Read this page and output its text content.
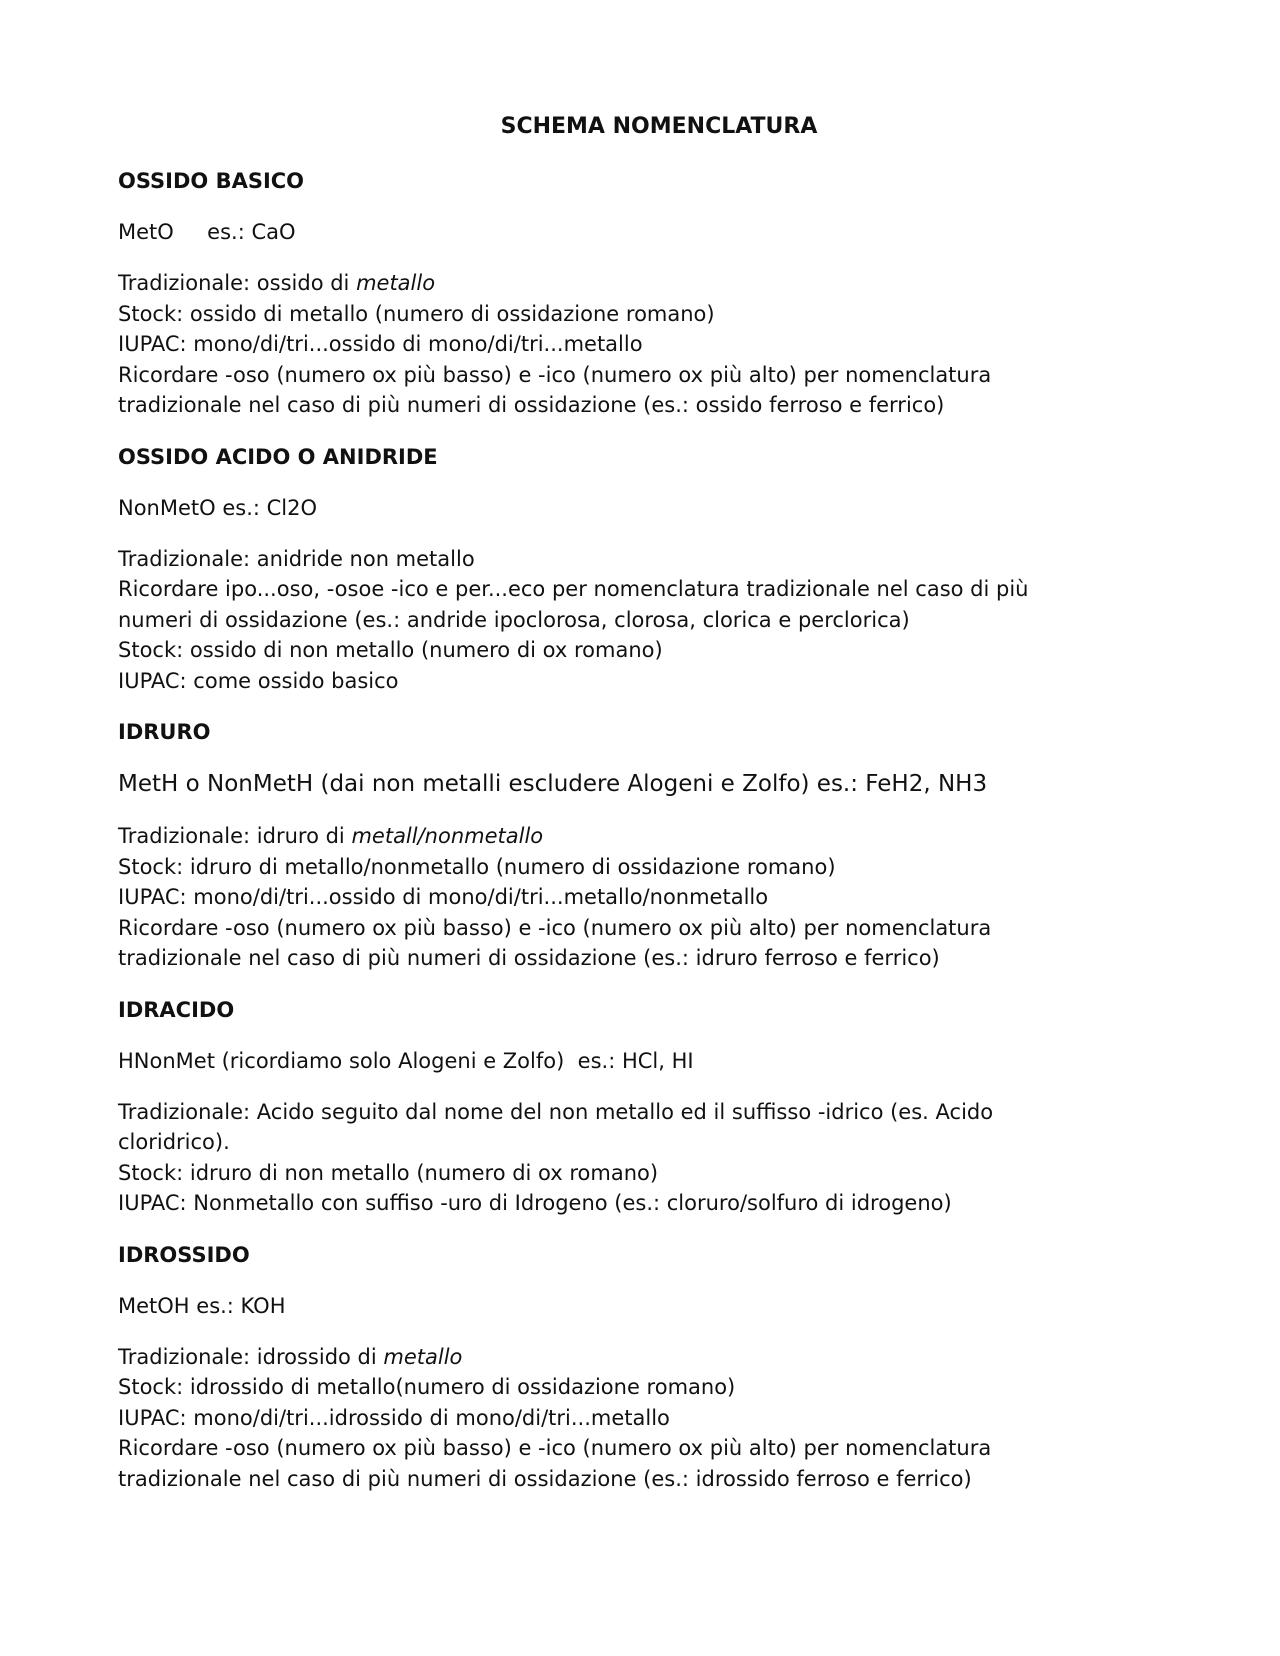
SCHEMA NOMENCLATURA
OSSIDO BASICO
MetO     es.: CaO
Tradizionale: ossido di metallo
Stock: ossido di metallo (numero di ossidazione romano)
IUPAC: mono/di/tri...ossido di mono/di/tri...metallo
Ricordare -oso (numero ox più basso) e -ico (numero ox più alto) per nomenclatura
tradizionale nel caso di più numeri di ossidazione (es.: ossido ferroso e ferrico)
OSSIDO ACIDO O ANIDRIDE
NonMetO es.: Cl2O
Tradizionale: anidride non metallo
Ricordare ipo...oso, -osoe -ico e per...eco per nomenclatura tradizionale nel caso di più
numeri di ossidazione (es.: andride ipoclorosa, clorosa, clorica e perclorica)
Stock: ossido di non metallo (numero di ox romano)
IUPAC: come ossido basico
IDRURO
MetH o NonMetH (dai non metalli escludere Alogeni e Zolfo) es.: FeH2, NH3
Tradizionale: idruro di metall/nonmetallo
Stock: idruro di metallo/nonmetallo (numero di ossidazione romano)
IUPAC: mono/di/tri...ossido di mono/di/tri...metallo/nonmetallo
Ricordare -oso (numero ox più basso) e -ico (numero ox più alto) per nomenclatura
tradizionale nel caso di più numeri di ossidazione (es.: idruro ferroso e ferrico)
IDRACIDO
HNonMet (ricordiamo solo Alogeni e Zolfo)  es.: HCl, HI
Tradizionale: Acido seguito dal nome del non metallo ed il suffisso -idrico (es. Acido
cloridrico).
Stock: idruro di non metallo (numero di ox romano)
IUPAC: Nonmetallo con suffiso -uro di Idrogeno (es.: cloruro/solfuro di idrogeno)
IDROSSIDO
MetOH es.: KOH
Tradizionale: idrossido di metallo
Stock: idrossido di metallo(numero di ossidazione romano)
IUPAC: mono/di/tri...idrossido di mono/di/tri...metallo
Ricordare -oso (numero ox più basso) e -ico (numero ox più alto) per nomenclatura
tradizionale nel caso di più numeri di ossidazione (es.: idrossido ferroso e ferrico)
